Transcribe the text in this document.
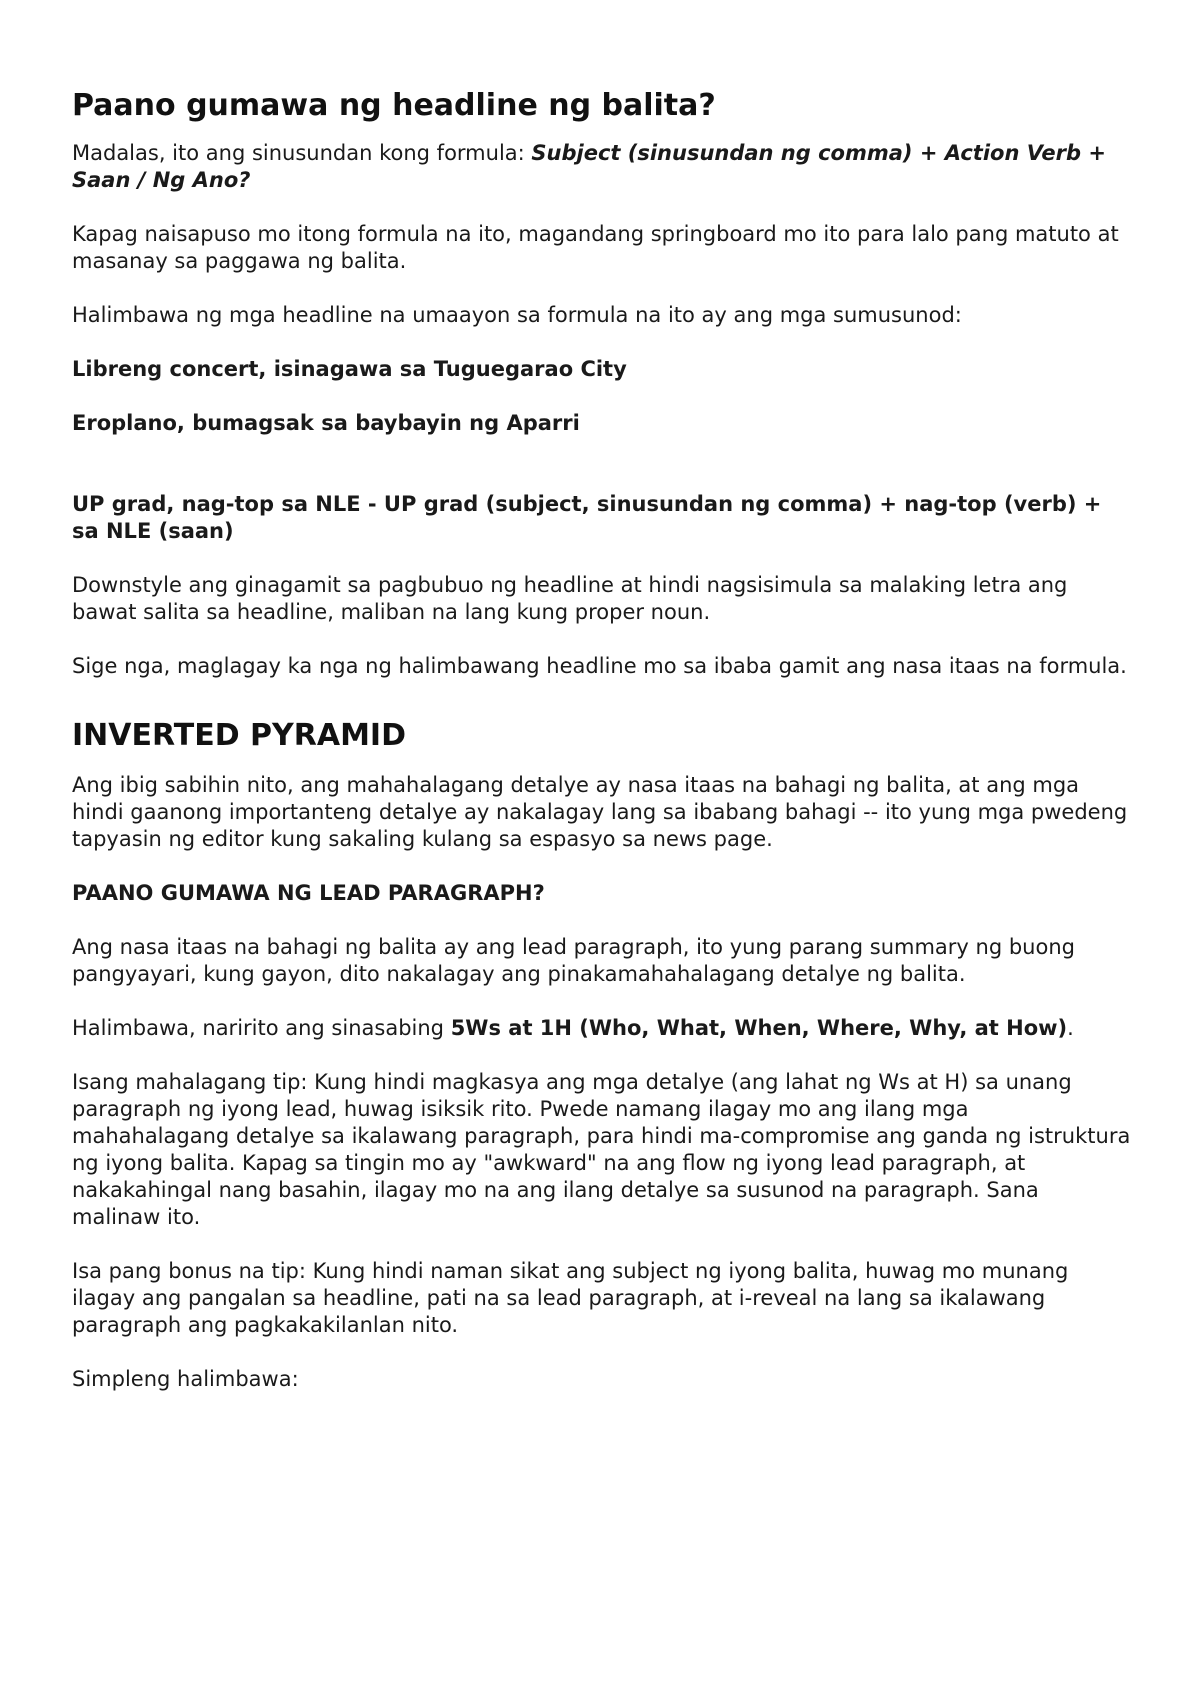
Paano gumawa ng headline ng balita?

Madalas, ito ang sinusundan kong formula: Subject (sinusundan ng comma) + Action Verb + Saan / Ng Ano?

Kapag naisapuso mo itong formula na ito, magandang springboard mo ito para lalo pang matuto at masanay sa paggawa ng balita.

Halimbawa ng mga headline na umaayon sa formula na ito ay ang mga sumusunod:

Libreng concert, isinagawa sa Tuguegarao City

Eroplano, bumagsak sa baybayin ng Aparri

UP grad, nag-top sa NLE - UP grad (subject, sinusundan ng comma) + nag-top (verb) + sa NLE (saan)

Downstyle ang ginagamit sa pagbubuo ng headline at hindi nagsisimula sa malaking letra ang bawat salita sa headline, maliban na lang kung proper noun.

Sige nga, maglagay ka nga ng halimbawang headline mo sa ibaba gamit ang nasa itaas na formula.

INVERTED PYRAMID

Ang ibig sabihin nito, ang mahahalagang detalye ay nasa itaas na bahagi ng balita, at ang mga hindi gaanong importanteng detalye ay nakalagay lang sa ibabang bahagi -- ito yung mga pwedeng tapyasin ng editor kung sakaling kulang sa espasyo sa news page.

PAANO GUMAWA NG LEAD PARAGRAPH?

Ang nasa itaas na bahagi ng balita ay ang lead paragraph, ito yung parang summary ng buong pangyayari, kung gayon, dito nakalagay ang pinakamahahalagang detalye ng balita.

Halimbawa, naririto ang sinasabing 5Ws at 1H (Who, What, When, Where, Why, at How).

Isang mahalagang tip: Kung hindi magkasya ang mga detalye (ang lahat ng Ws at H) sa unang paragraph ng iyong lead, huwag isiksik rito. Pwede namang ilagay mo ang ilang mga mahahalagang detalye sa ikalawang paragraph, para hindi ma-compromise ang ganda ng istruktura ng iyong balita. Kapag sa tingin mo ay "awkward" na ang flow ng iyong lead paragraph, at nakakahingal nang basahin, ilagay mo na ang ilang detalye sa susunod na paragraph. Sana malinaw ito.

Isa pang bonus na tip: Kung hindi naman sikat ang subject ng iyong balita, huwag mo munang ilagay ang pangalan sa headline, pati na sa lead paragraph, at i-reveal na lang sa ikalawang paragraph ang pagkakakilanlan nito.

Simpleng halimbawa:
